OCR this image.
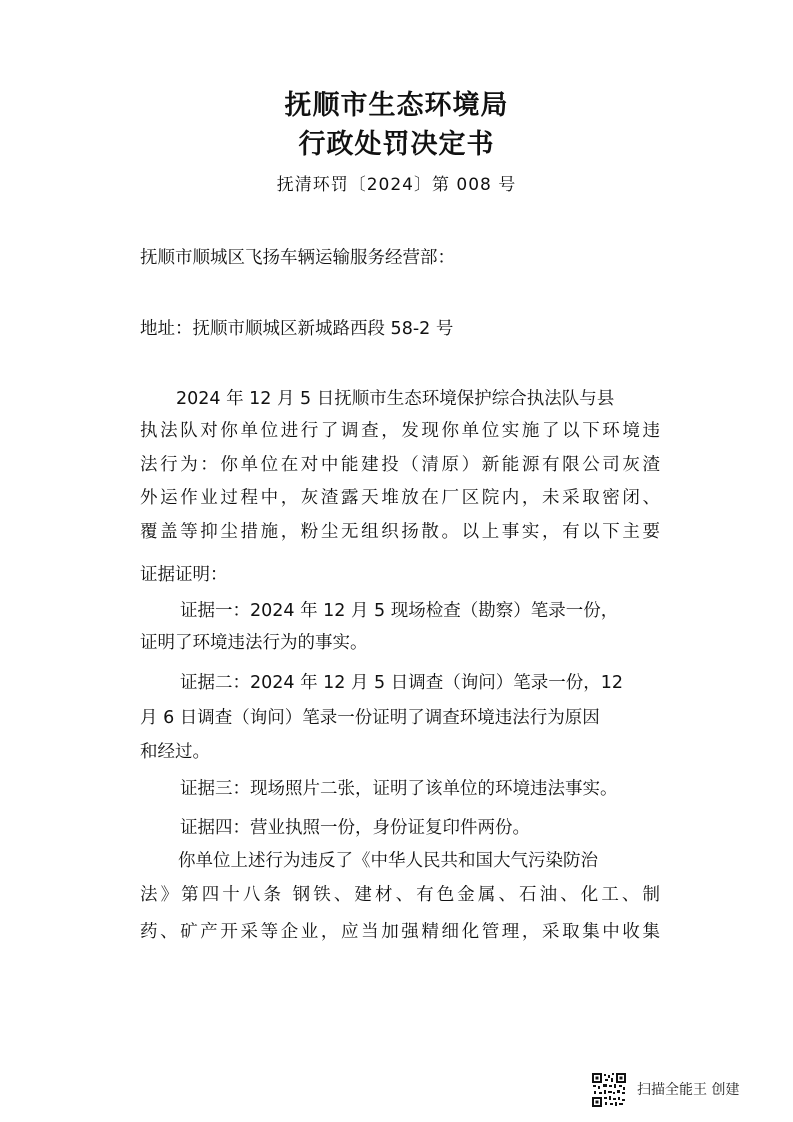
抚顺市生态环境局
行政处罚决定书
抚清环罚〔2024〕第 008 号
抚顺市顺城区飞扬车辆运输服务经营部：
地址：抚顺市顺城区新城路西段 58-2 号
2024 年 12 月 5 日抚顺市生态环境保护综合执法队与县
执法队对你单位进行了调查，发现你单位实施了以下环境违
法行为：你单位在对中能建投（清原）新能源有限公司灰渣
外运作业过程中，灰渣露天堆放在厂区院内，未采取密闭、
覆盖等抑尘措施，粉尘无组织扬散。以上事实，有以下主要
证据证明：
证据一：2024 年 12 月 5 现场检查（勘察）笔录一份，
证明了环境违法行为的事实。
证据二：2024 年 12 月 5 日调查（询问）笔录一份，12
月 6 日调查（询问）笔录一份证明了调查环境违法行为原因
和经过。
证据三：现场照片二张，证明了该单位的环境违法事实。
证据四：营业执照一份，身份证复印件两份。
你单位上述行为违反了《中华人民共和国大气污染防治
法》第四十八条 钢铁、建材、有色金属、石油、化工、制
药、矿产开采等企业，应当加强精细化管理，采取集中收集
扫描全能王 创建
